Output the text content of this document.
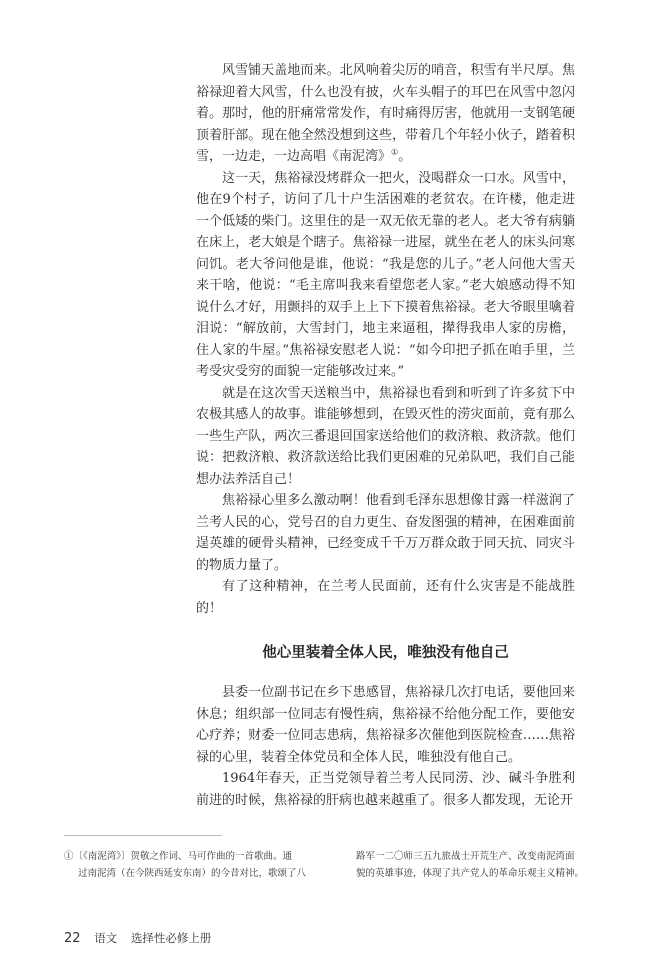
风雪铺天盖地而来。北风响着尖厉的哨音，积雪有半尺厚。焦裕禄迎着大风雪，什么也没有披，火车头帽子的耳巴在风雪中忽闪着。那时，他的肝痛常常发作，有时痛得厉害，他就用一支钢笔硬顶着肝部。现在他全然没想到这些，带着几个年轻小伙子，踏着积雪，一边走，一边高唱《南泥湾》①。

这一天，焦裕禄没烤群众一把火，没喝群众一口水。风雪中，他在9个村子，访问了几十户生活困难的老贫农。在许楼，他走进一个低矮的柴门。这里住的是一双无依无靠的老人。老大爷有病躺在床上，老大娘是个瞎子。焦裕禄一进屋，就坐在老人的床头问寒问饥。老大爷问他是谁，他说：“我是您的儿子。”老人问他大雪天来干啥，他说：“毛主席叫我来看望您老人家。”老大娘感动得不知说什么才好，用颤抖的双手上上下下摸着焦裕禄。老大爷眼里噙着泪说：“解放前，大雪封门，地主来逼租，撵得我串人家的房檐，住人家的牛屋。”焦裕禄安慰老人说：“如今印把子抓在咱手里，兰考受灾受穷的面貌一定能够改过来。”

就是在这次雪天送粮当中，焦裕禄也看到和听到了许多贫下中农极其感人的故事。谁能够想到，在毁灭性的涝灾面前，竟有那么一些生产队，两次三番退回国家送给他们的救济粮、救济款。他们说：把救济粮、救济款送给比我们更困难的兄弟队吧，我们自己能想办法养活自己！

焦裕禄心里多么激动啊！他看到毛泽东思想像甘露一样滋润了兰考人民的心，党号召的自力更生、奋发图强的精神，在困难面前逞英雄的硬骨头精神，已经变成千千万万群众敢于同天抗、同灾斗的物质力量了。

有了这种精神，在兰考人民面前，还有什么灾害是不能战胜的！

他心里装着全体人民，唯独没有他自己

县委一位副书记在乡下患感冒，焦裕禄几次打电话，要他回来休息；组织部一位同志有慢性病，焦裕禄不给他分配工作，要他安心疗养；财委一位同志患病，焦裕禄多次催他到医院检查……焦裕禄的心里，装着全体党员和全体人民，唯独没有他自己。

1964年春天，正当党领导着兰考人民同涝、沙、碱斗争胜利前进的时候，焦裕禄的肝病也越来越重了。很多人都发现，无论开

①〔《南泥湾》〕贺敬之作词、马可作曲的一首歌曲。通
过南泥湾（在今陕西延安东南）的今昔对比，歌颂了八
路军一二〇师三五九旅战士开荒生产、改变南泥湾面
貌的英雄事迹，体现了共产党人的革命乐观主义精神。
22 语文 选择性必修上册
